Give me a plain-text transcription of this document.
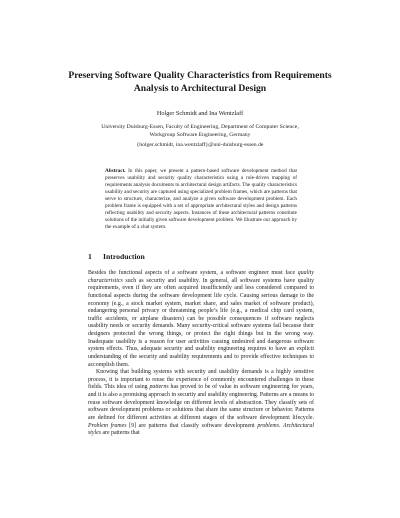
Preserving Software Quality Characteristics from Requirements Analysis to Architectural Design

Holger Schmidt and Ina Wentzlaff

University Duisburg-Essen, Faculty of Engineering, Department of Computer Science,
Workgroup Software Engineering, Germany
{holger.schmidt, ina.wentzlaff}@uni-duisburg-essen.de

Abstract. In this paper, we present a pattern-based software development method that preserves usability and security quality characteristics using a role-driven mapping of requirements analysis documents to architectural design artifacts. The quality characteristics usability and security are captured using specialized problem frames, which are patterns that serve to structure, characterize, and analyze a given software development problem. Each problem frame is equipped with a set of appropriate architectural styles and design patterns reflecting usability and security aspects. Instances of these architectural patterns constitute solutions of the initially given software development problem. We illustrate our approach by the example of a chat system.

1 Introduction

Besides the functional aspects of a software system, a software engineer must face quality characteristics such as security and usability. In general, all software systems have quality requirements, even if they are often acquired insufficiently and less considered compared to functional aspects during the software development life cycle. Causing serious damage to the economy (e.g., a stock market system, market share, and sales market of software product), endangering personal privacy or threatening people’s life (e.g., a medical chip card system, traffic accidents, or airplane disasters) can be possible consequences if software neglects usability needs or security demands. Many security-critical software systems fail because their designers protected the wrong things, or protect the right things but in the wrong way. Inadequate usability is a reason for user activities causing undesired and dangerous software system effects. Thus, adequate security and usability engineering requires to have an explicit understanding of the security and usability requirements and to provide effective techniques to accomplish them.

Knowing that building systems with security and usability demands is a highly sensitive process, it is important to reuse the experience of commonly encountered challenges in these fields. This idea of using patterns has proved to be of value in software engineering for years, and it is also a promising approach in security and usability engineering. Patterns are a means to reuse software development knowledge on different levels of abstraction. They classify sets of software development problems or solutions that share the same structure or behavior. Patterns are defined for different activities at different stages of the software development lifecycle. Problem frames [9] are patterns that classify software development problems. Architectural styles are patterns that
